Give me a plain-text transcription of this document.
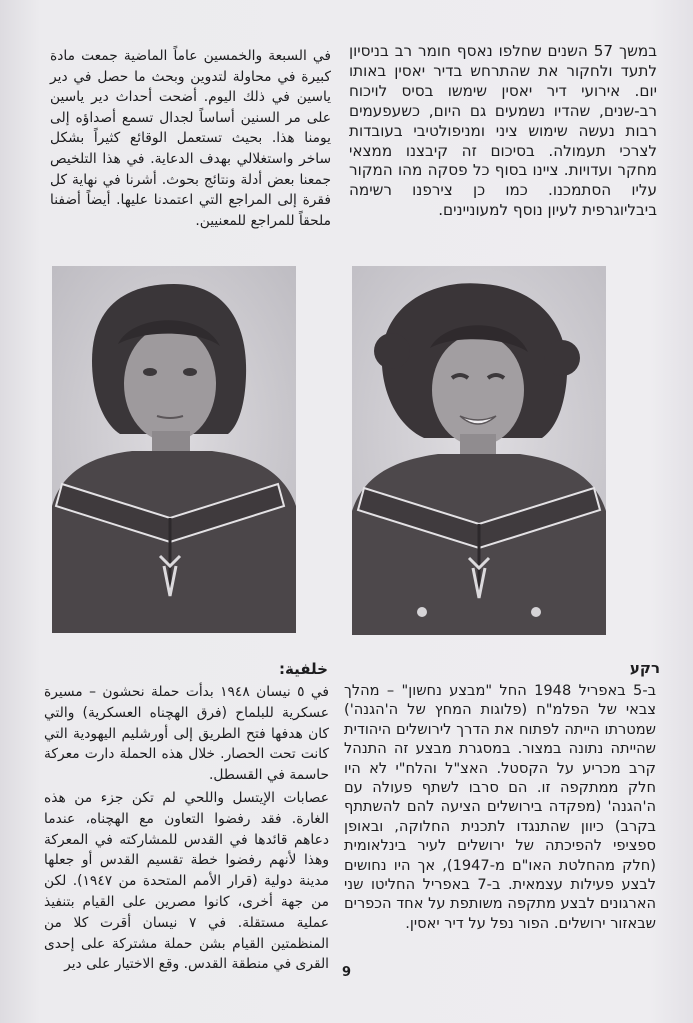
במשך 57 השנים שחלפו נאסף חומר רב בניסיון לתעד ולחקור את שהתרחש בדיר יאסין באותו יום. אירועי דיר יאסין שימשו בסיס לויכוח רב-שנים, שהדיו נשמעים גם היום, כשעפעמים רבות נעשה שימוש ציני ומניפולטיבי בעובדות לצרכי תעמולה. בסיכום זה קיבצנו ממצאי מחקר ועדויות. ציינו בסוף כל פסקה מהו המקור עליו הסתמכנו. כמו כן צירפנו רשימה ביבליוגרפית לעיון נוסף למעוניינים.

في السبعة والخمسين عاماً الماضية جمعت مادة كبيرة في محاولة لتدوين وبحث ما حصل في دير ياسين في ذلك اليوم. أضحت أحداث دير ياسين على مر السنين أساساً لجدال تسمع أصداؤه إلى يومنا هذا. بحيث تستعمل الوقائع كثيراً بشكل ساخر واستغلالي بهدف الدعاية. في هذا التلخيص جمعنا بعض أدلة ونتائج بحوث. أشرنا في نهاية كل فقرة إلى المراجع التي اعتمدنا عليها. أيضاً أضفنا ملحقاً للمراجع للمعنيين.

רקע

ב-5 באפריל 1948 החל "מבצע נחשון" – מהלך צבאי של הפלמ"ח (פלוגות המחץ של ה'הגנה') שמטרתו הייתה לפתוח את הדרך לירושלים היהודית שהייתה נתונה במצור. במסגרת מבצע זה התנהל קרב מכריע על הקסטל. האצ"ל והלח"י לא היו חלק ממתקפה זו. הם סרבו לשתף פעולה עם ה'הגנה' (מפקדה בירושלים הציעה להם להשתתף בקרב) כיוון שהתנגדו לתכנית החלוקה, ובאופן ספציפי להפיכתה של ירושלים לעיר בינלאומית (חלק מהחלטת האו"ם מ-1947), אך היו נחושים לבצע פעילות עצמאית. ב-7 באפריל החליטו שני הארגונים לבצע מתקפה משותפת על אחד הכפרים שבאזור ירושלים. הפור נפל על דיר יאסין.

خلفية:

في ٥ نيسان ١٩٤٨ بدأت حملة نحشون – مسيرة عسكرية للبلماح (فرق الهچناه العسكرية) والتي كان هدفها فتح الطريق إلى أورشليم اليهودية التي كانت تحت الحصار. خلال هذه الحملة دارت معركة حاسمة في القسطل.

عصابات الإيتسل واللحي لم تكن جزء من هذه الغارة. فقد رفضوا التعاون مع الهچناه، عندما دعاهم قائدها في القدس للمشاركته في المعركة وهذا لأنهم رفضوا خطة تقسيم القدس أو جعلها مدينة دولية (قرار الأمم المتحدة من ١٩٤٧). لكن من جهة أخرى، كانوا مصرين على القيام بتنفيذ عملية مستقلة. في ٧ نيسان أقرت كلا من المنظمتين القيام بشن حملة مشتركة على إحدى القرى في منطقة القدس. وقع الاختيار على دير

9
